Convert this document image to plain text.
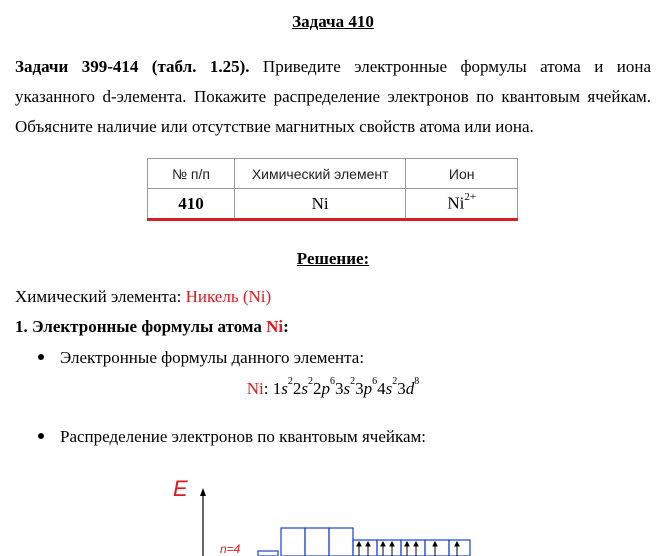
Задача 410
Задачи 399-414 (табл. 1.25). Приведите электронные формулы атома и иона указанного d-элемента. Покажите распределение электронов по квантовым ячейкам. Объясните наличие или отсутствие магнитных свойств атома или иона.
№ п/п	Химический элемент	Ион
410	Ni	$Ni^{2+}$
Решение:
Химический элемента: Никель (Ni)
1. Электронные формулы атома Ni:
Электронные формулы данного элемента:
Ni: $1s^22s^22p^63s^23p^64s^23d^8$
Распределение электронов по квантовым ячейкам:
E
n=4
